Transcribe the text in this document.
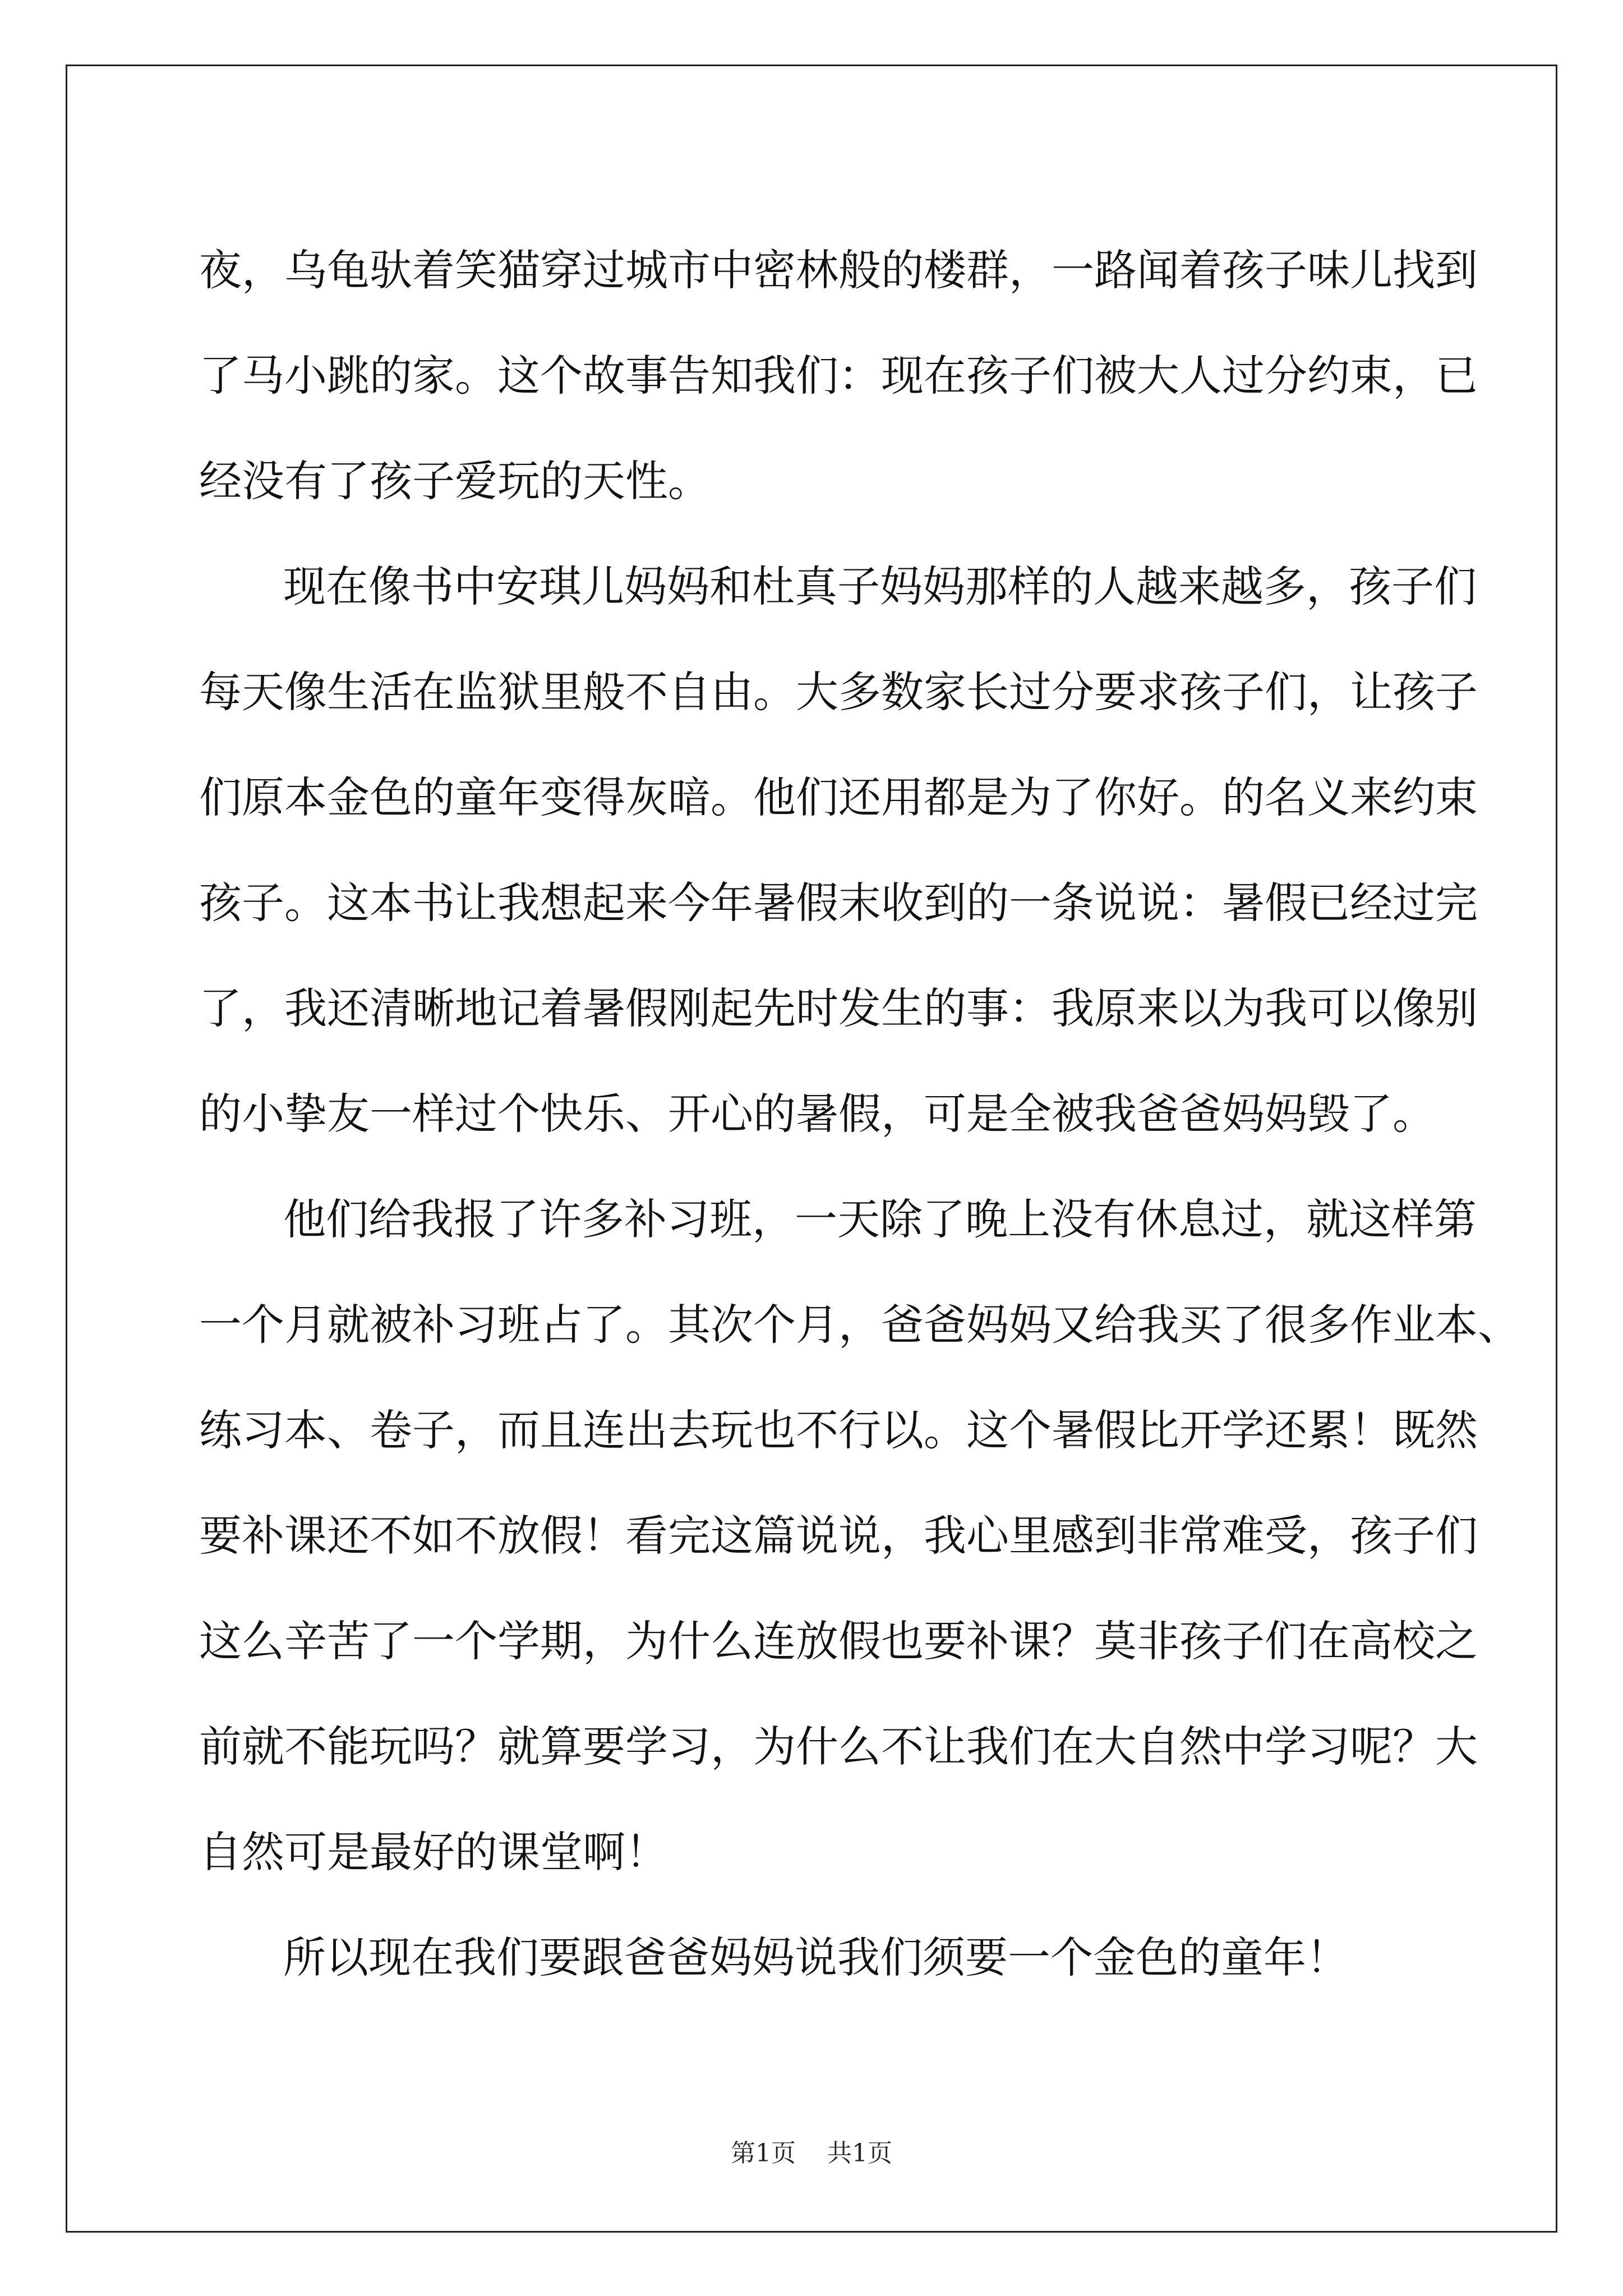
夜，乌龟驮着笑猫穿过城市中密林般的楼群，一路闻着孩子味儿找到
了马小跳的家。这个故事告知我们：现在孩子们被大人过分约束，已
经没有了孩子爱玩的天性。
现在像书中安琪儿妈妈和杜真子妈妈那样的人越来越多，孩子们
每天像生活在监狱里般不自由。大多数家长过分要求孩子们，让孩子
们原本金色的童年变得灰暗。他们还用都是为了你好。的名义来约束
孩子。这本书让我想起来今年暑假末收到的一条说说：暑假已经过完
了，我还清晰地记着暑假刚起先时发生的事：我原来以为我可以像别
的小挚友一样过个快乐、开心的暑假，可是全被我爸爸妈妈毁了。
他们给我报了许多补习班，一天除了晚上没有休息过，就这样第
一个月就被补习班占了。其次个月，爸爸妈妈又给我买了很多作业本、
练习本、卷子，而且连出去玩也不行以。这个暑假比开学还累！既然
要补课还不如不放假！看完这篇说说，我心里感到非常难受，孩子们
这么辛苦了一个学期，为什么连放假也要补课？莫非孩子们在高校之
前就不能玩吗？就算要学习，为什么不让我们在大自然中学习呢？大
自然可是最好的课堂啊！
所以现在我们要跟爸爸妈妈说我们须要一个金色的童年！
第1页 共1页
